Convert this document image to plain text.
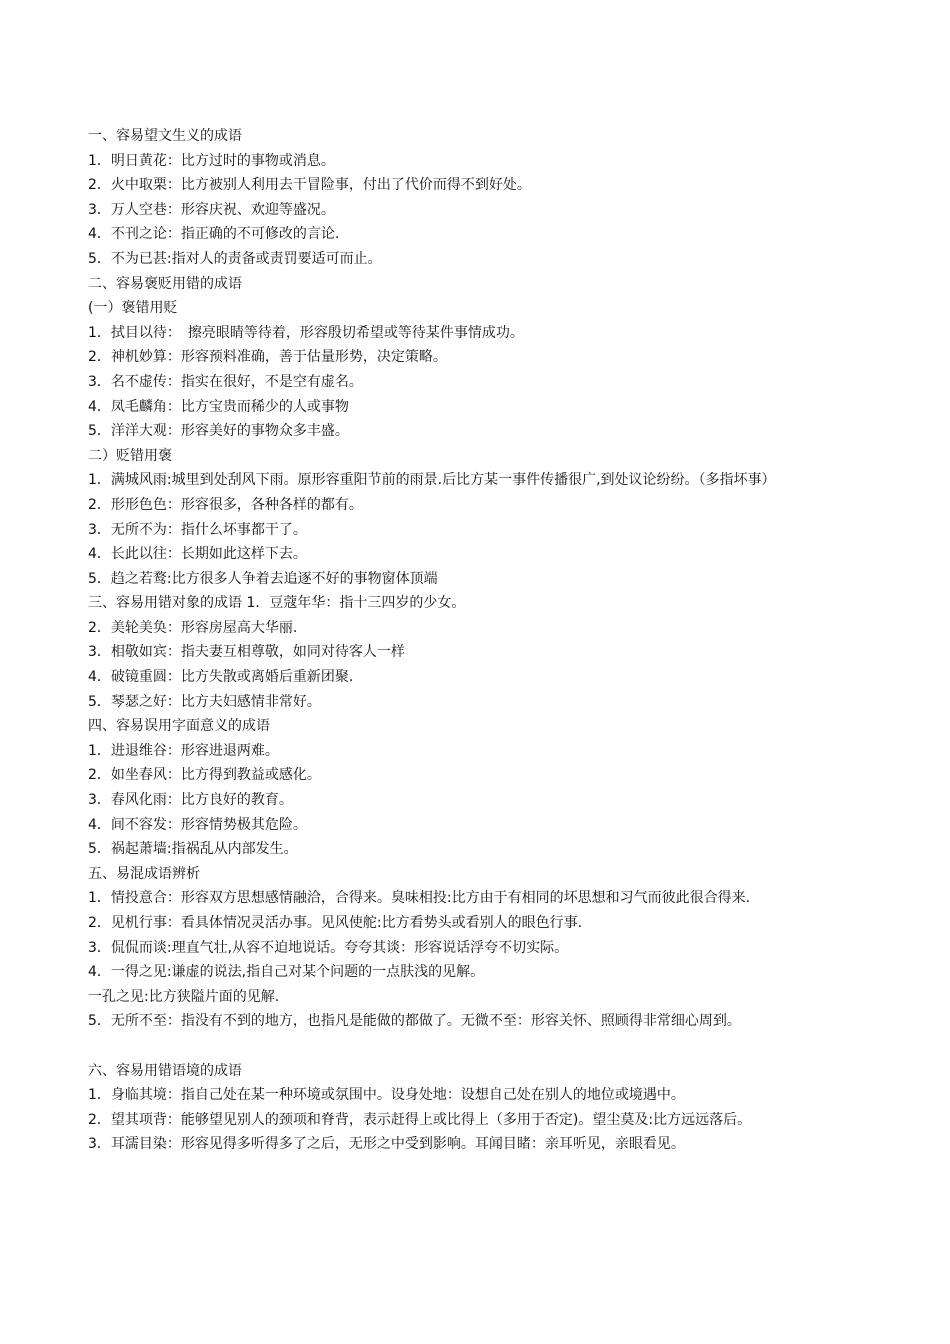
一、容易望文生义的成语
1．明日黄花：比方过时的事物或消息。
2．火中取栗：比方被别人利用去干冒险事，付出了代价而得不到好处。
3．万人空巷：形容庆祝、欢迎等盛况。
4．不刊之论：指正确的不可修改的言论.
5．不为已甚:指对人的责备或责罚要适可而止。
二、容易褒贬用错的成语
(一）褒错用贬
1．拭目以待：　擦亮眼睛等待着，形容殷切希望或等待某件事情成功。
2．神机妙算：形容预料准确，善于估量形势，决定策略。
3．名不虚传：指实在很好，不是空有虚名。
4．凤毛麟角：比方宝贵而稀少的人或事物
5．洋洋大观：形容美好的事物众多丰盛。
二）贬错用褒
1．满城风雨:城里到处刮风下雨。原形容重阳节前的雨景.后比方某一事件传播很广,到处议论纷纷。（多指坏事）
2．形形色色：形容很多，各种各样的都有。
3．无所不为：指什么坏事都干了。
4．长此以往：长期如此这样下去。
5．趋之若鹜:比方很多人争着去追逐不好的事物窗体顶端
三、容易用错对象的成语 1．豆蔻年华：指十三四岁的少女。
2．美轮美奂：形容房屋高大华丽.
3．相敬如宾：指夫妻互相尊敬，如同对待客人一样
4．破镜重圆：比方失散或离婚后重新团聚.
5．琴瑟之好：比方夫妇感情非常好。
四、容易误用字面意义的成语
1．进退维谷：形容进退两难。
2．如坐春风：比方得到教益或感化。
3．春风化雨：比方良好的教育。
4．间不容发：形容情势极其危险。
5．祸起萧墙:指祸乱从内部发生。
五、易混成语辨析
1．情投意合：形容双方思想感情融洽，合得来。臭味相投:比方由于有相同的坏思想和习气而彼此很合得来.
2．见机行事：看具体情况灵活办事。见风使舵:比方看势头或看别人的眼色行事.
3．侃侃而谈:理直气壮,从容不迫地说话。夸夸其谈：形容说话浮夸不切实际。
4．一得之见:谦虚的说法,指自己对某个问题的一点肤浅的见解。
一孔之见:比方狭隘片面的见解.
5．无所不至：指没有不到的地方，也指凡是能做的都做了。无微不至：形容关怀、照顾得非常细心周到。
六、容易用错语境的成语
1．身临其境：指自己处在某一种环境或氛围中。设身处地：设想自己处在别人的地位或境遇中。
2．望其项背：能够望见别人的颈项和脊背，表示赶得上或比得上（多用于否定)。望尘莫及:比方远远落后。
3．耳濡目染：形容见得多听得多了之后，无形之中受到影响。耳闻目睹：亲耳听见，亲眼看见。
